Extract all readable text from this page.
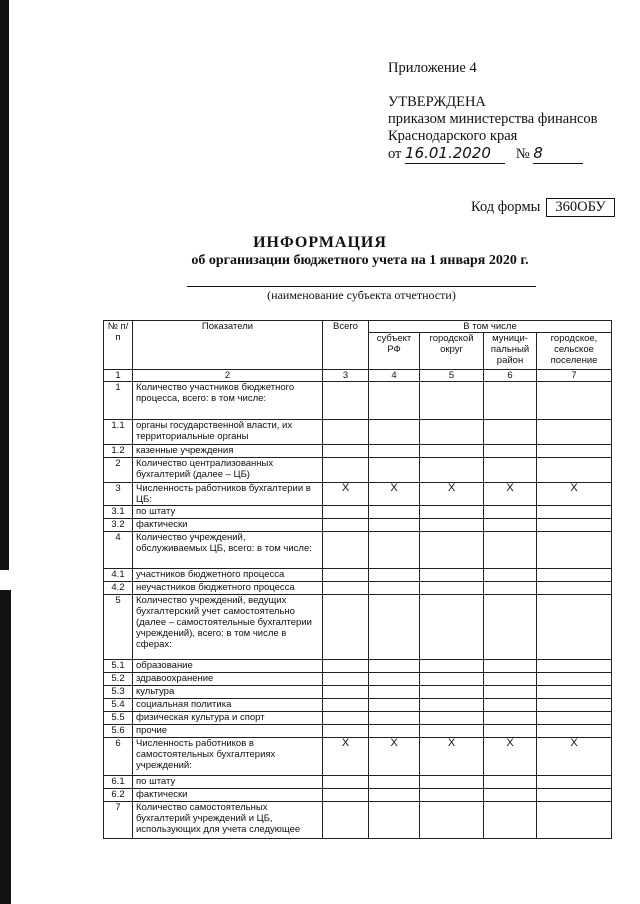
Приложение 4
УТВЕРЖДЕНА
приказом министерства финансов
Краснодарского края
от 16.01.2020 № 8
Код формы 360ОБУ
ИНФОРМАЦИЯ
об организации бюджетного учета на 1 января 2020 г.
(наименование субъекта отчетности)
№ п/п	Показатели	Всего	В том числе			
			субъект РФ	городской округ	муници-пальный район	городское, сельское поселение
1	2	3	4	5	6	7
1	Количество участников бюджетного процесса, всего: в том числе:					
1.1	органы государственной власти, их территориальные органы					
1.2	казенные учреждения					
2	Количество централизованных бухгалтерий (далее – ЦБ)					
3	Численность работников бухгалтерии в ЦБ:	X	X	X	X	X
3.1	по штату					
3.2	фактически					
4	Количество учреждений, обслуживаемых ЦБ, всего: в том числе:					
4.1	участников бюджетного процесса					
4.2	неучастников бюджетного процесса					
5	Количество учреждений, ведущих бухгалтерский учет самостоятельно (далее – самостоятельные бухгалтерии учреждений), всего: в том числе в сферах:					
5.1	образование					
5.2	здравоохранение					
5.3	культура					
5.4	социальная политика					
5.5	физическая культура и спорт					
5.6	прочие					
6	Численность работников в самостоятельных бухгалтериях учреждений:	X	X	X	X	X
6.1	по штату					
6.2	фактически					
7	Количество самостоятельных бухгалтерий учреждений и ЦБ, использующих для учета следующее					
